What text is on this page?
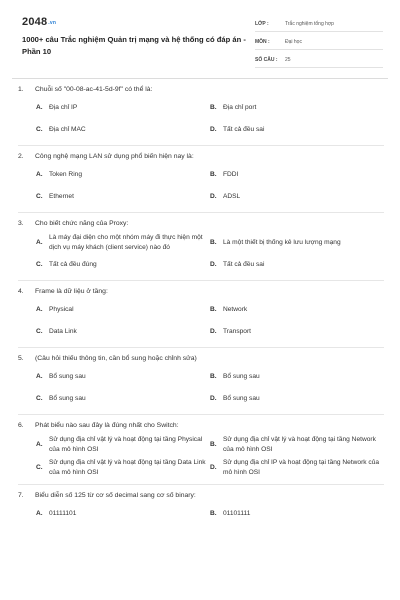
2048.vn
1000+ câu Trắc nghiệm Quản trị mạng và hệ thống có đáp án - Phần 10
LỚP :	Trắc nghiệm tổng hợp
MÔN :	Đại học
SỐ CÂU :	25
1. Chuỗi số "00-08-ac-41-5d-9f" có thể là:
A. Địa chỉ IP	B. Địa chỉ port
C. Địa chỉ MAC	D. Tất cả đều sai
2. Công nghệ mạng LAN sử dụng phổ biến hiện nay là:
A. Token Ring	B. FDDI
C. Ethernet	D. ADSL
3. Cho biết chức năng của Proxy:
A.
Là máy đại diện cho một nhóm máy đi thực hiện một dịch vụ máy khách (client service) nào đó
B. Là một thiết bị thống kê lưu lượng mạng
C. Tất cả đều đúng	D. Tất cả đều sai
4. Frame là dữ liệu ở tầng:
A. Physical	B. Network
C. Data Link	D. Transport
5. (Câu hỏi thiếu thông tin, cần bổ sung hoặc chỉnh sửa)
A. Bổ sung sau	B. Bổ sung sau
C. Bổ sung sau	D. Bổ sung sau
6. Phát biểu nào sau đây là đúng nhất cho Switch:
A.
Sử dụng địa chỉ vật lý và hoạt động tại tầng Physical của mô hình OSI
B.
Sử dụng địa chỉ vật lý và hoạt động tại tầng Network của mô hình OSI
C.
Sử dụng địa chỉ vật lý và hoạt động tại tầng Data Link của mô hình OSI
D.
Sử dụng địa chỉ IP và hoạt động tại tầng Network của mô hình OSI
7. Biểu diễn số 125 từ cơ số decimal sang cơ số binary:
A. 01111101	B. 01101111
